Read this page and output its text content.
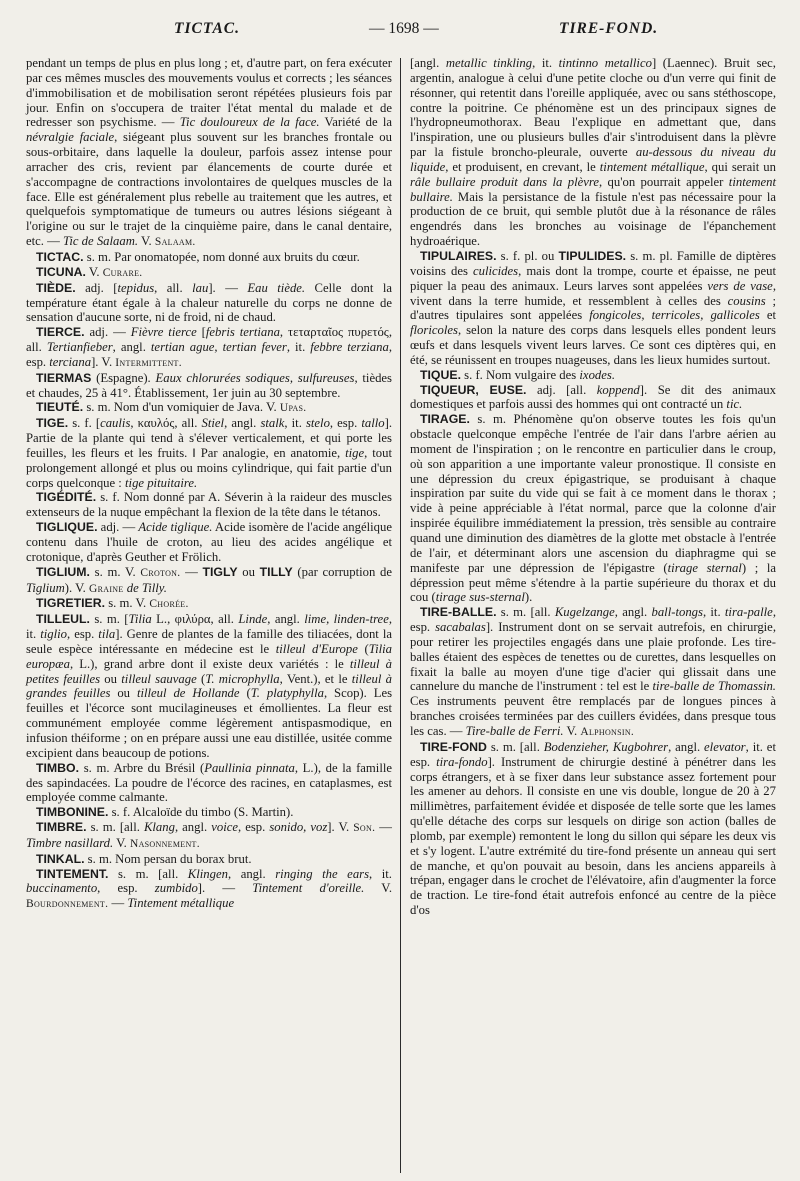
TICTAC.	— 1698 —	TIRE-FOND.

pendant un temps de plus en plus long ; et, d'autre part, on fera exécuter par ces mêmes muscles des mouvements voulus et corrects ; les séances d'immobilisation et de mobilisation seront répétées plusieurs fois par jour. Enfin on s'occupera de traiter l'état mental du malade et de redresser son psychisme. — Tic douloureux de la face. Variété de la névralgie faciale, siégeant plus souvent sur les branches frontale ou sous-orbitaire, dans laquelle la douleur, parfois assez intense pour arracher des cris, revient par élancements de courte durée et s'accompagne de contractions involontaires de quelques muscles de la face. Elle est généralement plus rebelle au traitement que les autres, et quelquefois symptomatique de tumeurs ou autres lésions siégeant à l'origine ou sur le trajet de la cinquième paire, dans le canal dentaire, etc. — Tic de Salaam. V. Salaam.

TICTAC. s. m. Par onomatopée, nom donné aux bruits du cœur.

TICUNA. V. Curare.

TIÈDE. adj. [tepidus, all. lau]. — Eau tiède. Celle dont la température étant égale à la chaleur naturelle du corps ne donne de sensation d'aucune sorte, ni de froid, ni de chaud.

TIERCE. adj. — Fièvre tierce [febris tertiana, τεταρταῖος πυρετός, all. Tertianfieber, angl. tertian ague, tertian fever, it. febbre terziana, esp. terciana]. V. Intermittent.

TIERMAS (Espagne). Eaux chlorurées sodiques, sulfureuses, tièdes et chaudes, 25 à 41°. Établissement, 1er juin au 30 septembre.

TIEUTÉ. s. m. Nom d'un vomiquier de Java. V. Upas.

TIGE. s. f. [caulis, καυλός, all. Stiel, angl. stalk, it. stelo, esp. tallo]. Partie de la plante qui tend à s'élever verticalement, et qui porte les feuilles, les fleurs et les fruits. ‖ Par analogie, en anatomie, tige, tout prolongement allongé et plus ou moins cylindrique, qui fait partie d'un corps quelconque : tige pituitaire.

TIGÉDITÉ. s. f. Nom donné par A. Séverin à la raideur des muscles extenseurs de la nuque empêchant la flexion de la tête dans le tétanos.

TIGLIQUE. adj. — Acide tiglique. Acide isomère de l'acide angélique contenu dans l'huile de croton, au lieu des acides angélique et crotonique, d'après Geuther et Frölich.

TIGLIUM. s. m. V. Croton. — TIGLY ou TILLY (par corruption de Tiglium). V. Graine de Tilly.

TIGRETIER. s. m. V. Chorée.

TILLEUL. s. m. [Tilia L., φιλύρα, all. Linde, angl. lime, linden-tree, it. tiglio, esp. tila]. Genre de plantes de la famille des tiliacées, dont la seule espèce intéressante en médecine est le tilleul d'Europe (Tilia europæa, L.), grand arbre dont il existe deux variétés : le tilleul à petites feuilles ou tilleul sauvage (T. microphylla, Vent.), et le tilleul à grandes feuilles ou tilleul de Hollande (T. platyphylla, Scop). Les feuilles et l'écorce sont mucilagineuses et émollientes. La fleur est communément employée comme légèrement antispasmodique, en infusion théiforme ; on en prépare aussi une eau distillée, usitée comme excipient dans beaucoup de potions.

TIMBO. s. m. Arbre du Brésil (Paullinia pinnata, L.), de la famille des sapindacées. La poudre de l'écorce des racines, en cataplasmes, est employée comme calmante.

TIMBONINE. s. f. Alcaloïde du timbo (S. Martin).

TIMBRE. s. m. [all. Klang, angl. voice, esp. sonido, voz]. V. Son. — Timbre nasillard. V. Nasonnement.

TINKAL. s. m. Nom persan du borax brut.

TINTEMENT. s. m. [all. Klingen, angl. ringing the ears, it. buccinamento, esp. zumbido]. — Tintement d'oreille. V. Bourdonnement. — Tintement métallique

[angl. metallic tinkling, it. tintinno metallico] (Laennec). Bruit sec, argentin, analogue à celui d'une petite cloche ou d'un verre qui finit de résonner, qui retentit dans l'oreille appliquée, avec ou sans stéthoscope, contre la poitrine. Ce phénomène est un des principaux signes de l'hydropneumothorax. Beau l'explique en admettant que, dans l'inspiration, une ou plusieurs bulles d'air s'introduisent dans la plèvre par la fistule broncho-pleurale, ouverte au-dessous du niveau du liquide, et produisent, en crevant, le tintement métallique, qui serait un râle bullaire produit dans la plèvre, qu'on pourrait appeler tintement bullaire. Mais la persistance de la fistule n'est pas nécessaire pour la production de ce bruit, qui semble plutôt due à la résonance de râles engendrés dans les bronches au voisinage de l'épanchement hydroaérique.

TIPULAIRES. s. f. pl. ou TIPULIDES. s. m. pl. Famille de diptères voisins des culicides, mais dont la trompe, courte et épaisse, ne peut piquer la peau des animaux. Leurs larves sont appelées vers de vase, vivent dans la terre humide, et ressemblent à celles des cousins ; d'autres tipulaires sont appelées fongicoles, terricoles, gallicoles et floricoles, selon la nature des corps dans lesquels elles pondent leurs œufs et dans lesquels vivent leurs larves. Ce sont ces diptères qui, en été, se réunissent en troupes nuageuses, dans les lieux humides surtout.

TIQUE. s. f. Nom vulgaire des ixodes.

TIQUEUR, EUSE. adj. [all. koppend]. Se dit des animaux domestiques et parfois aussi des hommes qui ont contracté un tic.

TIRAGE. s. m. Phénomène qu'on observe toutes les fois qu'un obstacle quelconque empêche l'entrée de l'air dans l'arbre aérien au moment de l'inspiration ; on le rencontre en particulier dans le croup, où son apparition a une importante valeur pronostique. Il consiste en une dépression du creux épigastrique, se produisant à chaque inspiration par suite du vide qui se fait à ce moment dans le thorax ; vide à peine appréciable à l'état normal, parce que la colonne d'air inspirée équilibre immédiatement la pression, très sensible au contraire quand une diminution des diamètres de la glotte met obstacle à l'entrée de l'air, et déterminant alors une ascension du diaphragme qui se manifeste par une dépression de l'épigastre (tirage sternal) ; la dépression peut même s'étendre à la partie supérieure du thorax et du cou (tirage sus-sternal).

TIRE-BALLE. s. m. [all. Kugelzange, angl. ball-tongs, it. tira-palle, esp. sacabalas]. Instrument dont on se servait autrefois, en chirurgie, pour retirer les projectiles engagés dans une plaie profonde. Les tire-balles étaient des espèces de tenettes ou de curettes, dans lesquelles on fixait la balle au moyen d'une tige d'acier qui glissait dans une cannelure du manche de l'instrument : tel est le tire-balle de Thomassin. Ces instruments peuvent être remplacés par de longues pinces à branches croisées terminées par des cuillers évidées, dans presque tous les cas. — Tire-balle de Ferri. V. Alphonsin.

TIRE-FOND s. m. [all. Bodenzieher, Kugbohrer, angl. elevator, it. et esp. tira-fondo]. Instrument de chirurgie destiné à pénétrer dans les corps étrangers, et à se fixer dans leur substance assez fortement pour les amener au dehors. Il consiste en une vis double, longue de 20 à 27 millimètres, parfaitement évidée et disposée de telle sorte que les lames qu'elle détache des corps sur lesquels on dirige son action (balles de plomb, par exemple) remontent le long du sillon qui sépare les deux vis et s'y logent. L'autre extrémité du tire-fond présente un anneau qui sert de manche, et qu'on pouvait au besoin, dans les anciens appareils à trépan, engager dans le crochet de l'élévatoire, afin d'augmenter la force de traction. Le tire-fond était autrefois enfoncé au centre de la pièce d'os
